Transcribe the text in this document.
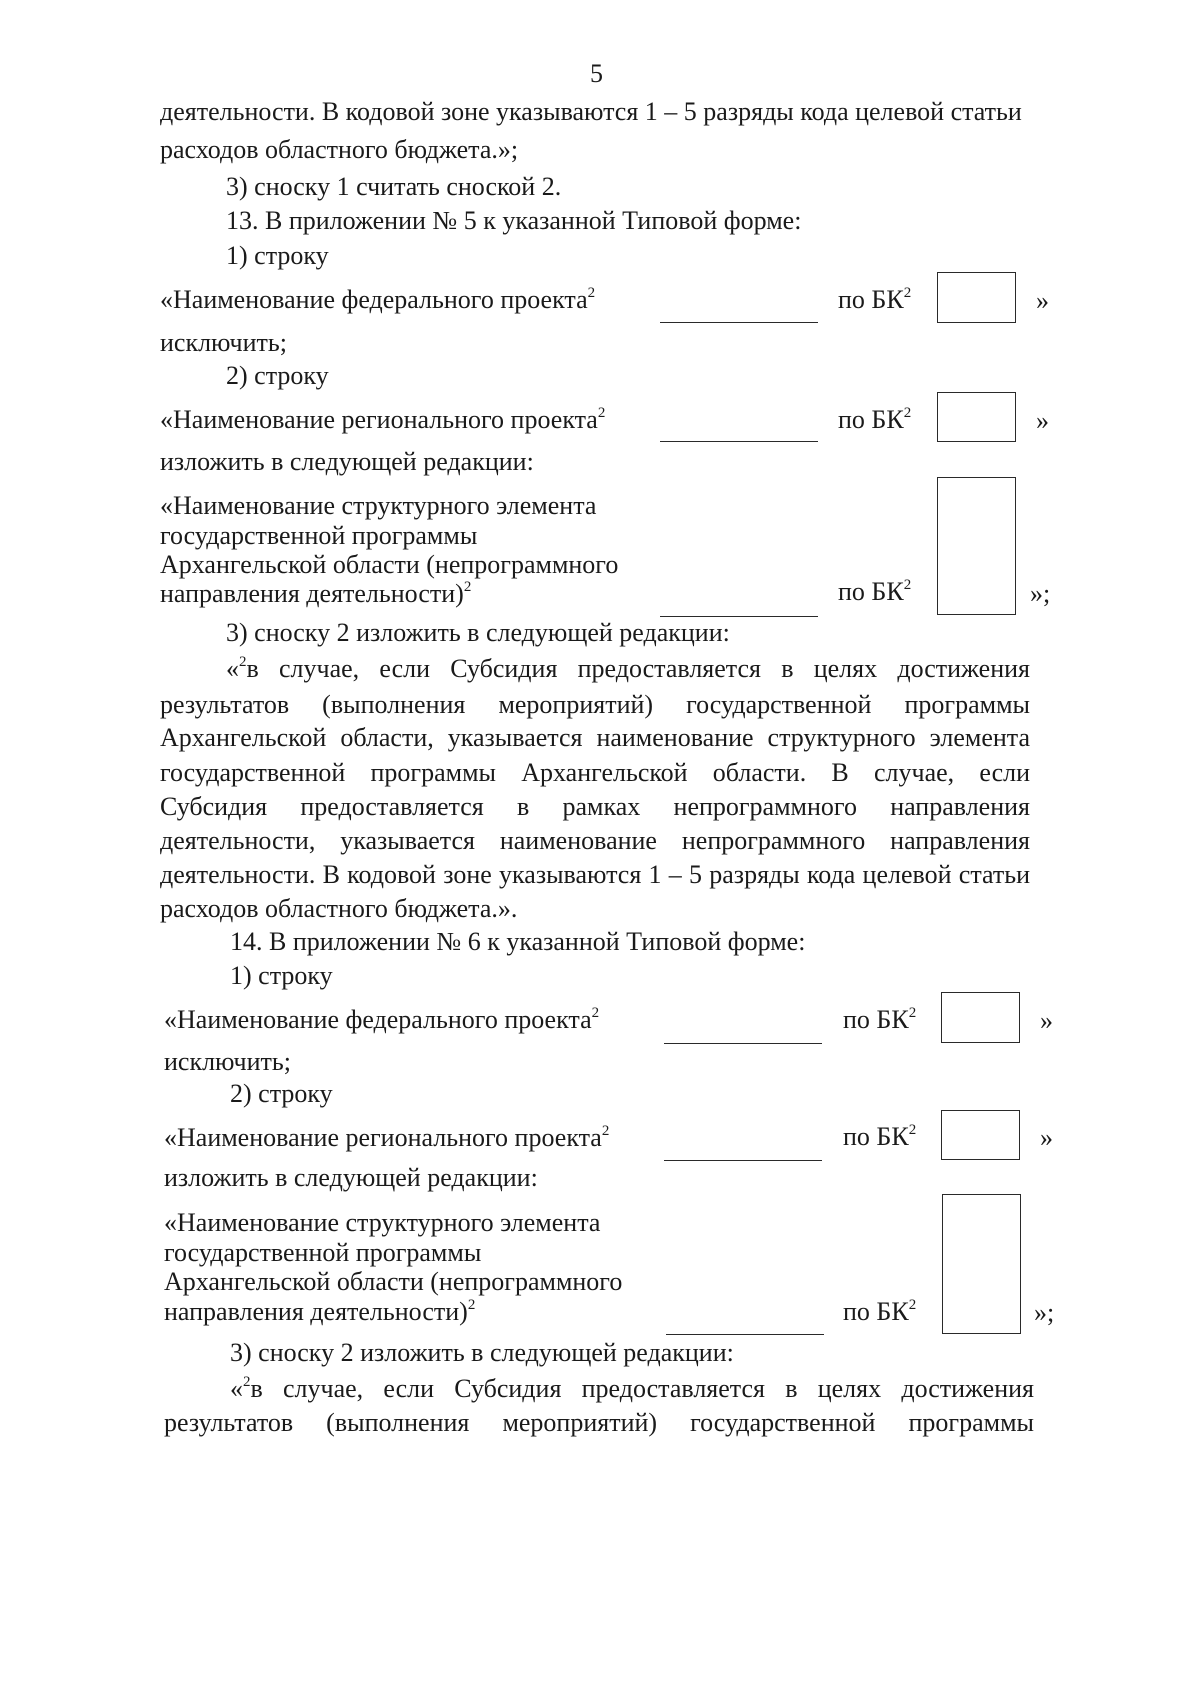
5
деятельности. В кодовой зоне указываются 1 – 5 разряды кода целевой статьи
расходов областного бюджета.»;
3) сноску 1 считать сноской 2.
13. В приложении № 5 к указанной Типовой форме:
1) строку
«Наименование федерального проекта$^2$	по $БК^2$	»
исключить;
2) строку
«Наименование регионального проекта$^2$	по $БК^2$	»
изложить в следующей редакции:
«Наименование структурного элемента
государственной программы
Архангельской области (непрограммного
направления деятельности)$^2$	по $БК^2$	»;
3) сноску 2 изложить в следующей редакции:
«$^2$в случае, если Субсидия предоставляется в целях достижения
результатов (выполнения мероприятий) государственной программы
Архангельской области, указывается наименование структурного элемента
государственной программы Архангельской области. В случае, если
Субсидия предоставляется в рамках непрограммного направления
деятельности, указывается наименование непрограммного направления
деятельности. В кодовой зоне указываются 1 – 5 разряды кода целевой статьи
расходов областного бюджета.».
14. В приложении № 6 к указанной Типовой форме:
1) строку
«Наименование федерального проекта$^2$	по $БК^2$	»
исключить;
2) строку
«Наименование регионального проекта$^2$	по $БК^2$	»
изложить в следующей редакции:
«Наименование структурного элемента
государственной программы
Архангельской области (непрограммного
направления деятельности)$^2$	по $БК^2$	»;
3) сноску 2 изложить в следующей редакции:
«$^2$в случае, если Субсидия предоставляется в целях достижения
результатов (выполнения мероприятий) государственной программы
